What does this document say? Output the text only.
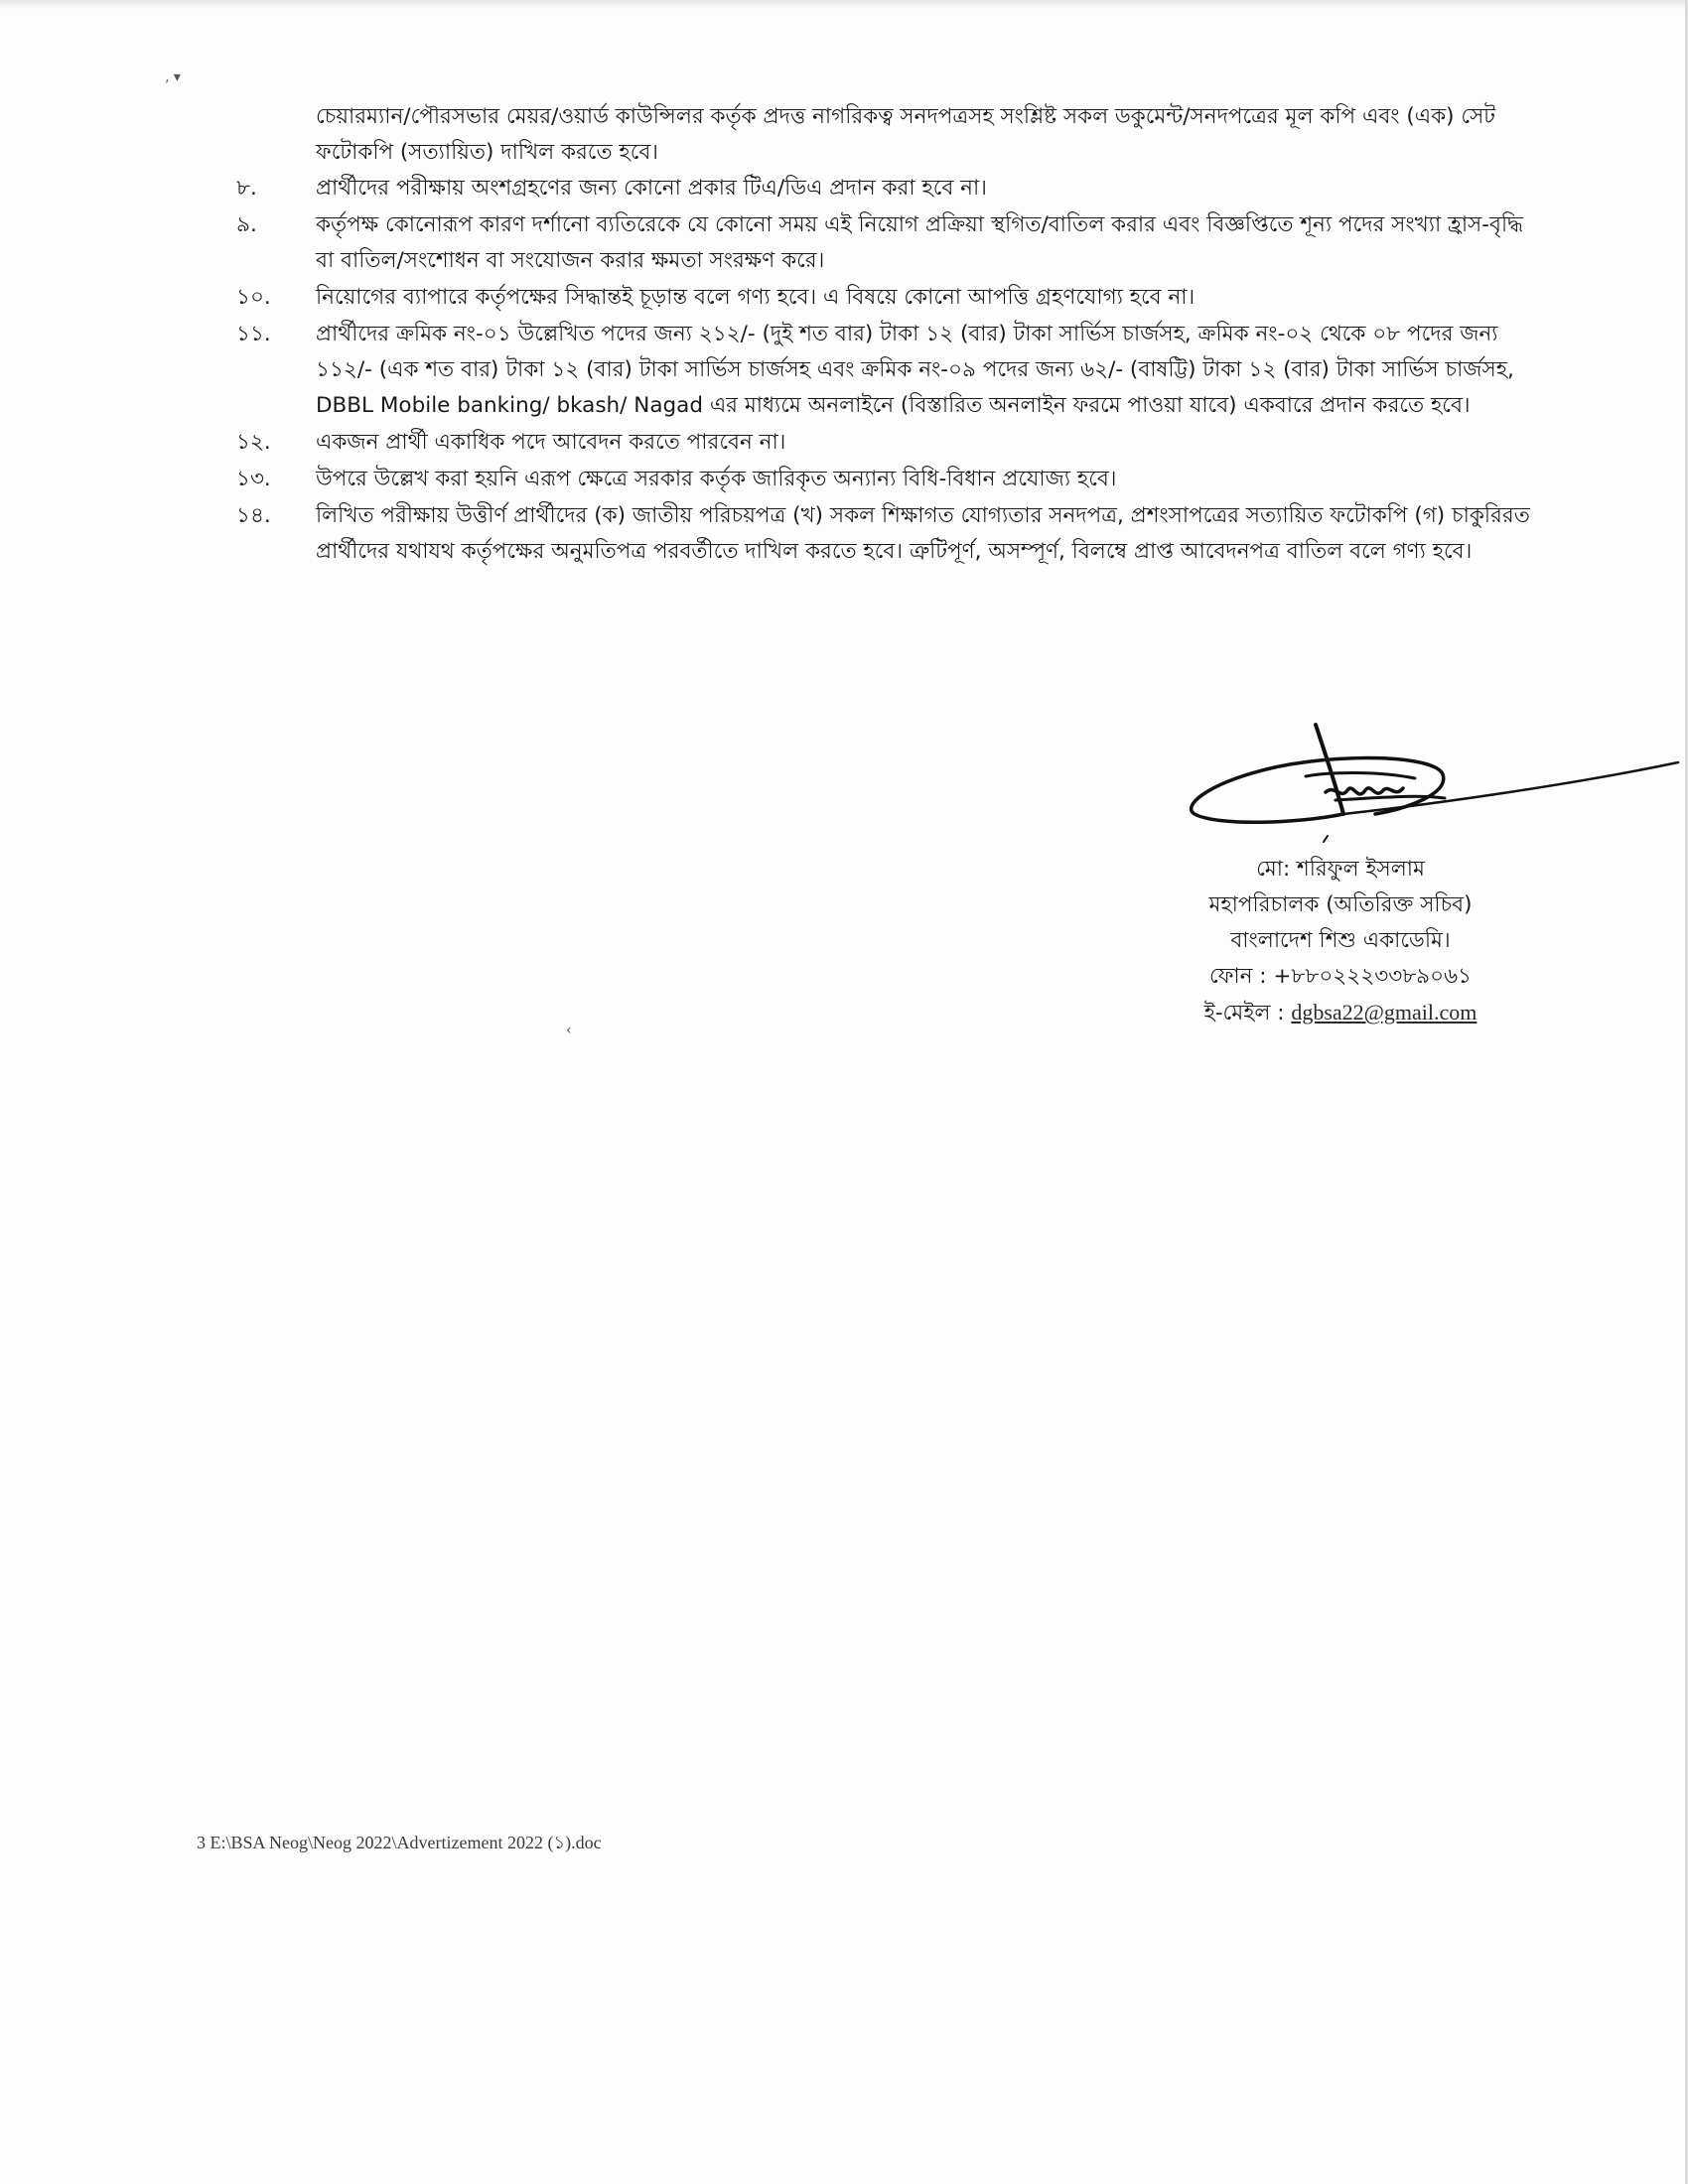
‚ ▾
‹
চেয়ারম্যান/পৌরসভার মেয়র/ওয়ার্ড কাউন্সিলর কর্তৃক প্রদত্ত নাগরিকত্ব সনদপত্রসহ সংশ্লিষ্ট সকল ডকুমেন্ট/সনদপত্রের মূল কপি এবং (এক) সেট ফটোকপি (সত্যায়িত) দাখিল করতে হবে।
৮.	প্রার্থীদের পরীক্ষায় অংশগ্রহণের জন্য কোনো প্রকার টিএ/ডিএ প্রদান করা হবে না।
৯.	কর্তৃপক্ষ কোনোরূপ কারণ দর্শানো ব্যতিরেকে যে কোনো সময় এই নিয়োগ প্রক্রিয়া স্থগিত/বাতিল করার এবং বিজ্ঞপ্তিতে শূন্য পদের সংখ্যা হ্রাস-বৃদ্ধি বা বাতিল/সংশোধন বা সংযোজন করার ক্ষমতা সংরক্ষণ করে।
১০.	নিয়োগের ব্যাপারে কর্তৃপক্ষের সিদ্ধান্তই চূড়ান্ত বলে গণ্য হবে। এ বিষয়ে কোনো আপত্তি গ্রহণযোগ্য হবে না।
১১.	প্রার্থীদের ক্রমিক নং-০১ উল্লেখিত পদের জন্য ২১২/- (দুই শত বার) টাকা ১২ (বার) টাকা সার্ভিস চার্জসহ, ক্রমিক নং-০২ থেকে ০৮ পদের জন্য ১১২/- (এক শত বার) টাকা ১২ (বার) টাকা সার্ভিস চার্জসহ এবং ক্রমিক নং-০৯ পদের জন্য ৬২/- (বাষট্টি) টাকা ১২ (বার) টাকা সার্ভিস চার্জসহ, DBBL Mobile banking/ bkash/ Nagad এর মাধ্যমে অনলাইনে (বিস্তারিত অনলাইন ফরমে পাওয়া যাবে) একবারে প্রদান করতে হবে।
১২.	একজন প্রার্থী একাধিক পদে আবেদন করতে পারবেন না।
১৩.	উপরে উল্লেখ করা হয়নি এরূপ ক্ষেত্রে সরকার কর্তৃক জারিকৃত অন্যান্য বিধি-বিধান প্রযোজ্য হবে।
১৪.	লিখিত পরীক্ষায় উত্তীর্ণ প্রার্থীদের (ক) জাতীয় পরিচয়পত্র (খ) সকল শিক্ষাগত যোগ্যতার সনদপত্র, প্রশংসাপত্রের সত্যায়িত ফটোকপি (গ) চাকুরিরত প্রার্থীদের যথাযথ কর্তৃপক্ষের অনুমতিপত্র পরবর্তীতে দাখিল করতে হবে। ত্রুটিপূর্ণ, অসম্পূর্ণ, বিলম্বে প্রাপ্ত আবেদনপত্র বাতিল বলে গণ্য হবে।
মো: শরিফুল ইসলাম
মহাপরিচালক (অতিরিক্ত সচিব)
বাংলাদেশ শিশু একাডেমি।
ফোন : +৮৮০২২২৩৩৮৯০৬১
ই-মেইল : dgbsa22@gmail.com
3 E:\BSA Neog\Neog 2022\Advertizement 2022 (১).doc
